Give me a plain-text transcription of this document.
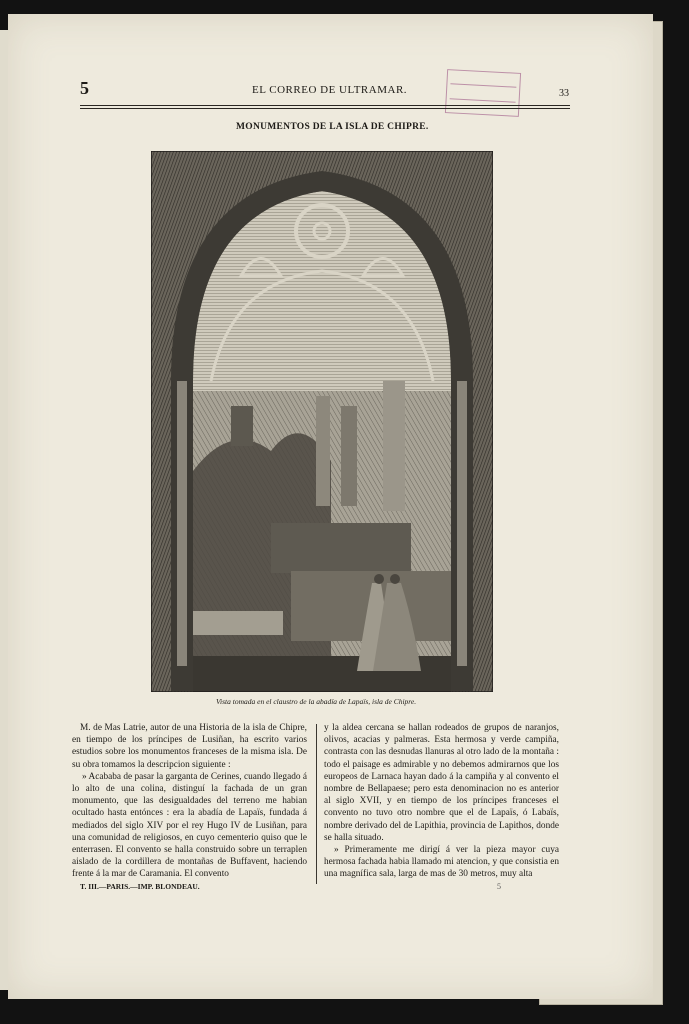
5	EL CORREO DE ULTRAMAR.	33
MONUMENTOS DE LA ISLA DE CHIPRE.
Vista tomada en el claustro de la abadía de Lapaïs, isla de Chipre.

M. de Mas Latrie, autor de una Historia de la isla de Chipre, en tiempo de los príncipes de Lusiñan, ha escrito varios estudios sobre los monumentos franceses de la misma isla. De su obra tomamos la descripcion siguiente :

» Acababa de pasar la garganta de Cerines, cuando llegado á lo alto de una colina, distinguí la fachada de un gran monumento, que las desigualdades del terreno me habian ocultado hasta entónces : era la abadía de Lapaïs, fundada á mediados del siglo XIV por el rey Hugo IV de Lusiñan, para una comunidad de religiosos, en cuyo cementerio quiso que le enterrasen. El convento se halla construido sobre un terraplen aislado de la cordillera de montañas de Buffavent, haciendo frente á la mar de Caramania. El convento

y la aldea cercana se hallan rodeados de grupos de naranjos, olivos, acacias y palmeras. Esta hermosa y verde campiña, contrasta con las desnudas llanuras al otro lado de la montaña : todo el paisage es admirable y no debemos admirarnos que los europeos de Larnaca hayan dado á la campiña y al convento el nombre de Bellapaese; pero esta denominacion no es anterior al siglo XVII, y en tiempo de los príncipes franceses el convento no tuvo otro nombre que el de Lapaïs, ó Labaïs, nombre derivado del de Lapithia, provincia de Lapithos, donde se halla situado.

» Primeramente me dirigí á ver la pieza mayor cuya hermosa fachada habia llamado mi atencion, y que consistia en una magnífica sala, larga de mas de 30 metros, muy alta

T. III.—PARIS.—IMP. BLONDEAU.	5
